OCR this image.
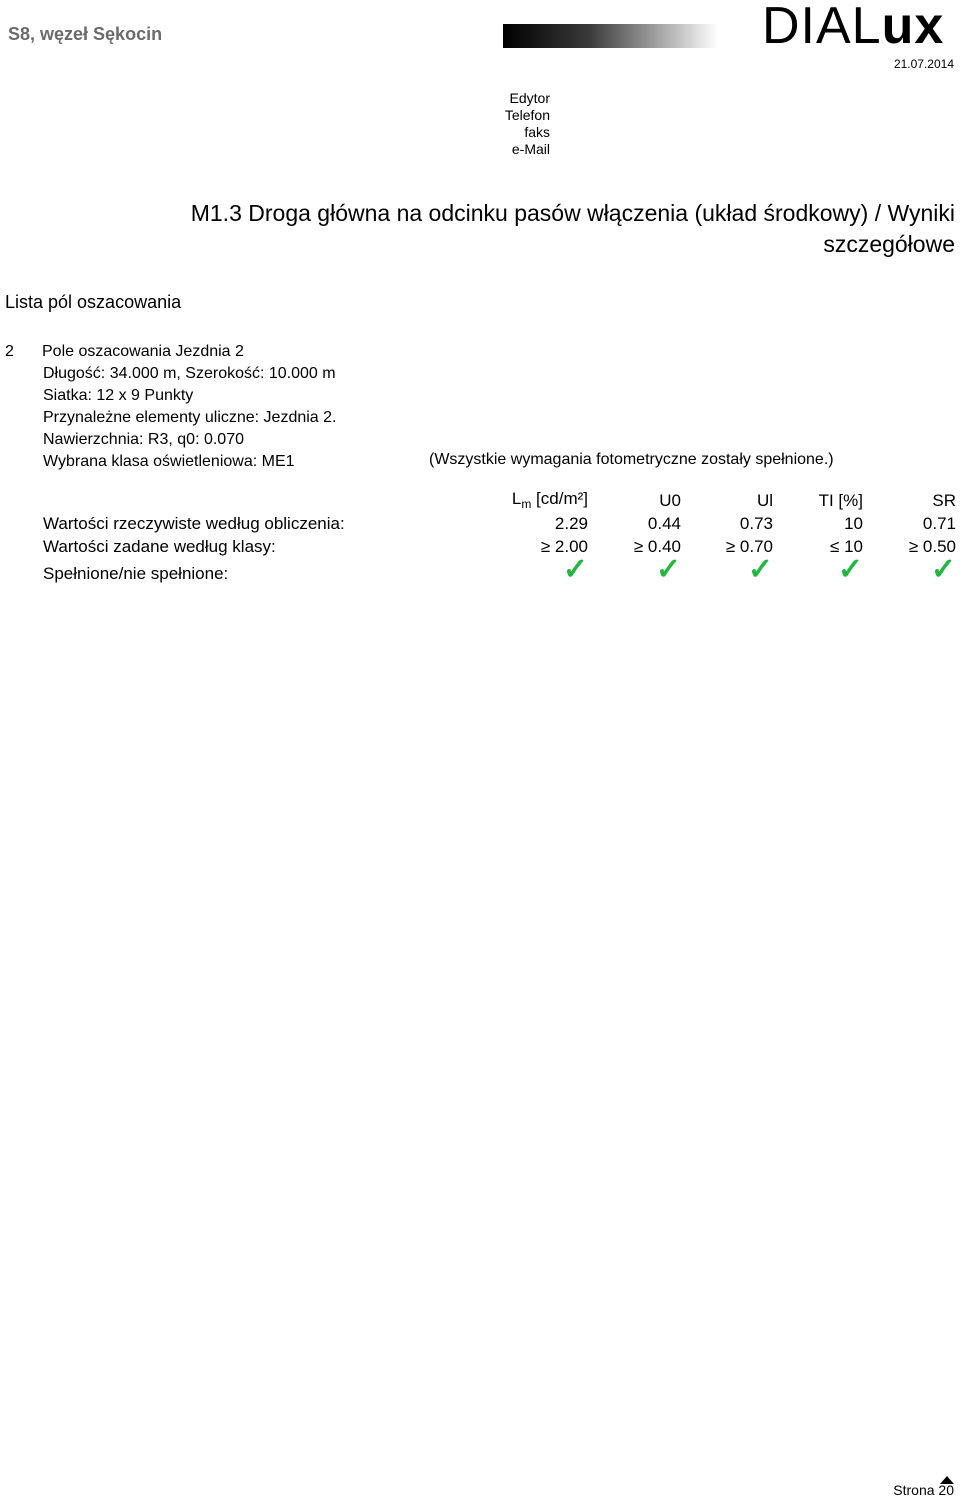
S8, węzeł Sękocin	DIALux
21.07.2014
Edytor
Telefon
faks
e-Mail
M1.3 Droga główna na odcinku pasów włączenia (układ środkowy) / Wyniki
szczegółowe
Lista pól oszacowania
2 Pole oszacowania Jezdnia 2
Długość: 34.000 m, Szerokość: 10.000 m
Siatka: 12 x 9 Punkty
Przynależne elementy uliczne: Jezdnia 2.
Nawierzchnia: R3, q0: 0.070
Wybrana klasa oświetleniowa: ME1	(Wszystkie wymagania fotometryczne zostały spełnione.)
	$L_m$ [cd/m²]	U0	Ul	TI [%]	SR
Wartości rzeczywiste według obliczenia:	2.29	0.44	0.73	10	0.71
Wartości zadane według klasy:	≥ 2.00	≥ 0.40	≥ 0.70	≤ 10	≥ 0.50
Spełnione/nie spełnione:	✓	✓	✓	✓	✓
Strona 20
